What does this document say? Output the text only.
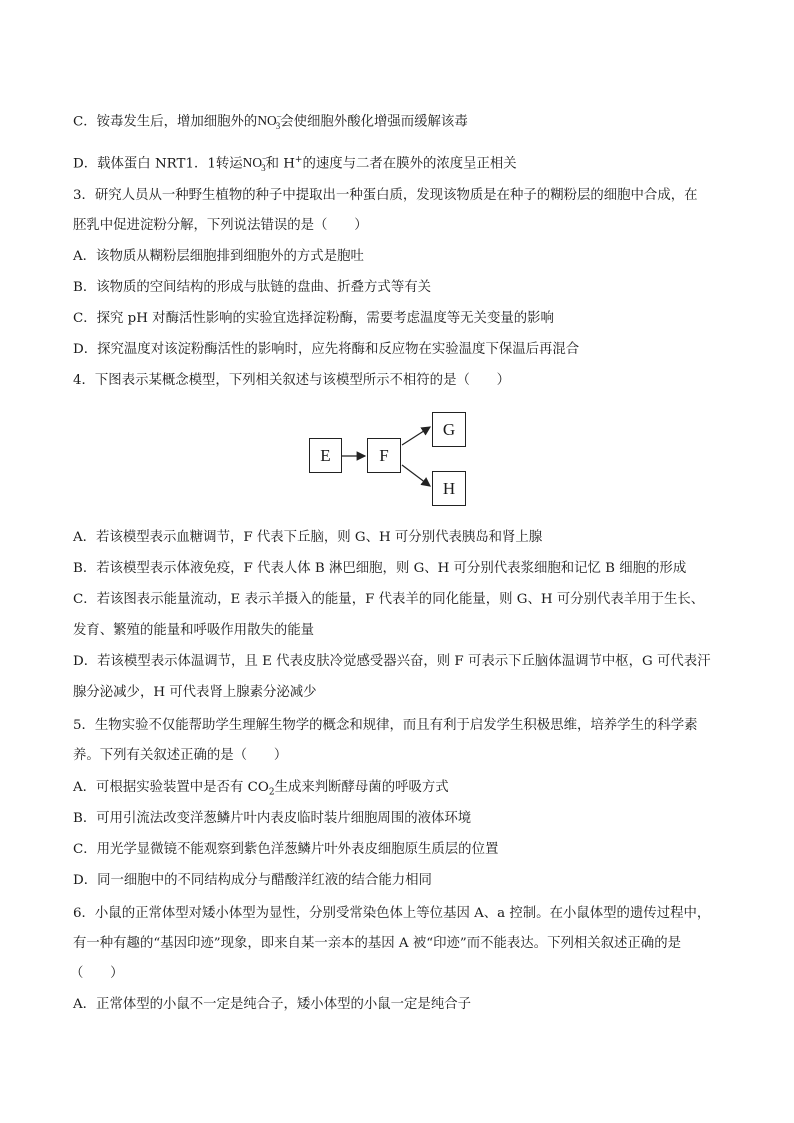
C．铵毒发生后，增加细胞外的$NO^-_3$会使细胞外酸化增强而缓解该毒
D．载体蛋白 NRT1．1转运$NO^-_3$和 H+的速度与二者在膜外的浓度呈正相关
3．研究人员从一种野生植物的种子中提取出一种蛋白质，发现该物质是在种子的糊粉层的细胞中合成，在
胚乳中促进淀粉分解，下列说法错误的是（　　）
A．该物质从糊粉层细胞排到细胞外的方式是胞吐
B．该物质的空间结构的形成与肽链的盘曲、折叠方式等有关
C．探究 pH 对酶活性影响的实验宜选择淀粉酶，需要考虑温度等无关变量的影响
D．探究温度对该淀粉酶活性的影响时，应先将酶和反应物在实验温度下保温后再混合
4．下图表示某概念模型，下列相关叙述与该模型所示不相符的是（　　）
E	F
G
H
A．若该模型表示血糖调节，F 代表下丘脑，则 G、H 可分别代表胰岛和肾上腺
B．若该模型表示体液免疫，F 代表人体 B 淋巴细胞，则 G、H 可分别代表浆细胞和记忆 B 细胞的形成
C．若该图表示能量流动，E 表示羊摄入的能量，F 代表羊的同化能量，则 G、H 可分别代表羊用于生长、
发育、繁殖的能量和呼吸作用散失的能量
D．若该模型表示体温调节，且 E 代表皮肤冷觉感受器兴奋，则 F 可表示下丘脑体温调节中枢，G 可代表汗
腺分泌减少，H 可代表肾上腺素分泌减少
5．生物实验不仅能帮助学生理解生物学的概念和规律，而且有利于启发学生积极思维，培养学生的科学素
养。下列有关叙述正确的是（　　）
A．可根据实验装置中是否有 $CO_2$生成来判断酵母菌的呼吸方式
B．可用引流法改变洋葱鳞片叶内表皮临时装片细胞周围的液体环境
C．用光学显微镜不能观察到紫色洋葱鳞片叶外表皮细胞原生质层的位置
D．同一细胞中的不同结构成分与醋酸洋红液的结合能力相同
6．小鼠的正常体型对矮小体型为显性，分别受常染色体上等位基因 A、a 控制。在小鼠体型的遗传过程中，
有一种有趣的“基因印迹”现象，即来自某一亲本的基因 A 被“印迹”而不能表达。下列相关叙述正确的是
（　　）
A．正常体型的小鼠不一定是纯合子，矮小体型的小鼠一定是纯合子
